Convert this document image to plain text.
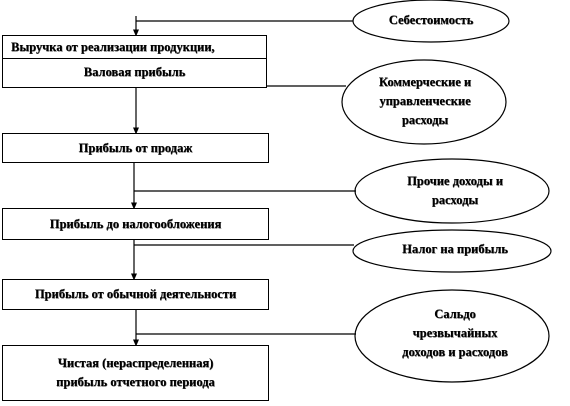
Себестоимость
Коммерческие и
управленческие
расходы
Прочие доходы и
расходы
Налог на прибыль
Сальдо
чрезвычайных
доходов и расходов
Выручка от реализации продукции,
Валовая прибыль
Прибыль от продаж
Прибыль до налогообложения
Прибыль от обычной деятельности
Чистая (нераспределенная)
прибыль отчетного периода
